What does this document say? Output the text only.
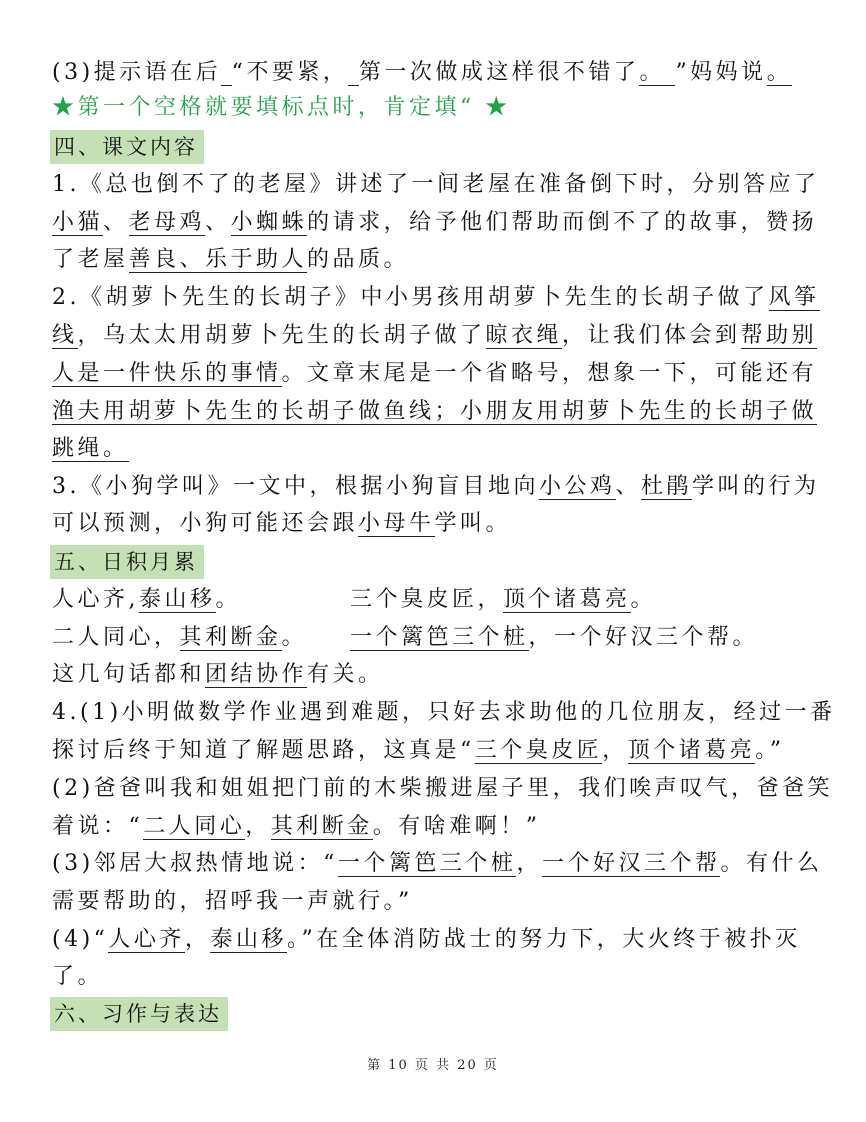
四、课文内容
五、日积月累
六、习作与表达
第 10 页 共 20 页
(3)提示语在后 “不要紧， 第一次做成这样很不错了。 ”妈妈说。
★第一个空格就要填标点时，肯定填“ ★
1.《总也倒不了的老屋》讲述了一间老屋在准备倒下时，分别答应了
小猫、老母鸡、小蜘蛛的请求，给予他们帮助而倒不了的故事，赞扬
了老屋善良、乐于助人的品质。
2.《胡萝卜先生的长胡子》中小男孩用胡萝卜先生的长胡子做了风筝
线，乌太太用胡萝卜先生的长胡子做了晾衣绳，让我们体会到帮助别
人是一件快乐的事情。文章末尾是一个省略号，想象一下，可能还有
渔夫用胡萝卜先生的长胡子做鱼线；小朋友用胡萝卜先生的长胡子做
跳绳。
3.《小狗学叫》一文中，根据小狗盲目地向小公鸡、杜鹃学叫的行为
可以预测，小狗可能还会跟小母牛学叫。
人心齐,泰山移。	三个臭皮匠，顶个诸葛亮。
二人同心，其利断金。 一个篱笆三个桩，一个好汉三个帮。
这几句话都和团结协作有关。
4.(1)小明做数学作业遇到难题，只好去求助他的几位朋友，经过一番
探讨后终于知道了解题思路，这真是“三个臭皮匠，顶个诸葛亮。”
(2)爸爸叫我和姐姐把门前的木柴搬进屋子里，我们唉声叹气，爸爸笑
着说：“二人同心，其利断金。有啥难啊！”
(3)邻居大叔热情地说：“一个篱笆三个桩，一个好汉三个帮。有什么
需要帮助的，招呼我一声就行。”
(4)“人心齐，泰山移。”在全体消防战士的努力下，大火终于被扑灭
了。
